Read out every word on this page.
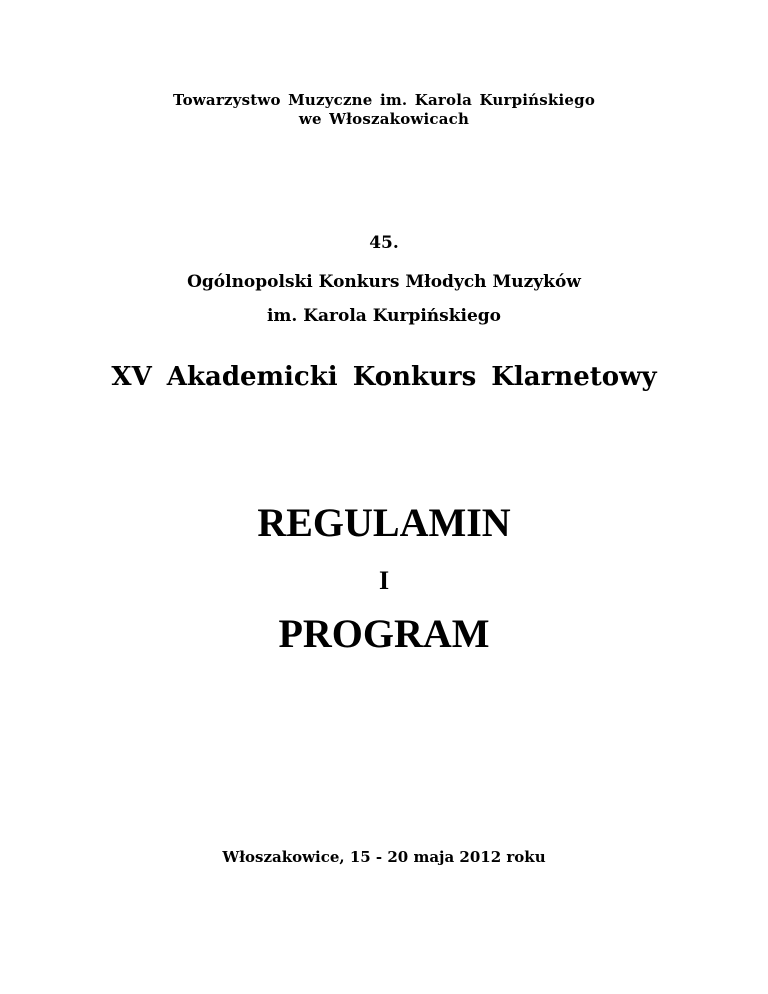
Towarzystwo Muzyczne im. Karola Kurpińskiego
we Włoszakowicach
45.
Ogólnopolski Konkurs Młodych Muzyków
im. Karola Kurpińskiego
XV Akademicki Konkurs Klarnetowy
REGULAMIN
I
PROGRAM
Włoszakowice, 15 - 20 maja 2012 roku
